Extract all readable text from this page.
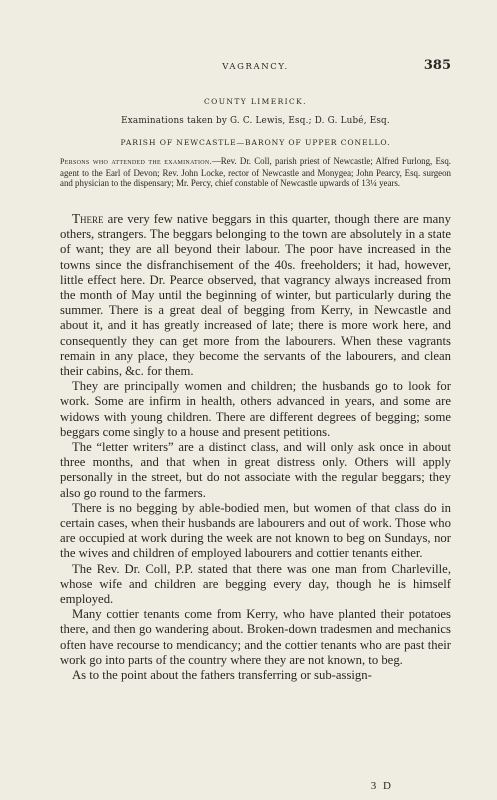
VAGRANCY.	385
COUNTY LIMERICK.
Examinations taken by G. C. Lewis, Esq.; D. G. Lubé, Esq.
PARISH OF NEWCASTLE—BARONY OF UPPER CONELLO.
Persons who attended the examination.—Rev. Dr. Coll, parish priest of Newcastle; Alfred Furlong, Esq. agent to the Earl of Devon; Rev. John Locke, rector of Newcastle and Monygea; John Pearcy, Esq. surgeon and physician to the dispensary; Mr. Percy, chief constable of Newcastle upwards of 13¼ years.

There are very few native beggars in this quarter, though there are many others, strangers. The beggars belonging to the town are absolutely in a state of want; they are all beyond their labour. The poor have increased in the towns since the disfranchisement of the 40s. freeholders; it had, however, little effect here. Dr. Pearce observed, that vagrancy always increased from the month of May until the beginning of winter, but particularly during the summer. There is a great deal of begging from Kerry, in Newcastle and about it, and it has greatly increased of late; there is more work here, and consequently they can get more from the labourers. When these vagrants remain in any place, they become the servants of the labourers, and clean their cabins, &c. for them.

They are principally women and children; the husbands go to look for work. Some are infirm in health, others advanced in years, and some are widows with young children. There are different degrees of begging; some beggars come singly to a house and present petitions.

The “letter writers” are a distinct class, and will only ask once in about three months, and that when in great distress only. Others will apply personally in the street, but do not associate with the regular beggars; they also go round to the farmers.

There is no begging by able-bodied men, but women of that class do in certain cases, when their husbands are labourers and out of work. Those who are occupied at work during the week are not known to beg on Sundays, nor the wives and children of employed labourers and cottier tenants either.

The Rev. Dr. Coll, P.P. stated that there was one man from Charleville, whose wife and children are begging every day, though he is himself employed.

Many cottier tenants come from Kerry, who have planted their potatoes there, and then go wandering about. Broken-down tradesmen and mechanics often have recourse to mendicancy; and the cottier tenants who are past their work go into parts of the country where they are not known, to beg.

As to the point about the fathers transferring or sub-assign-

3 D
